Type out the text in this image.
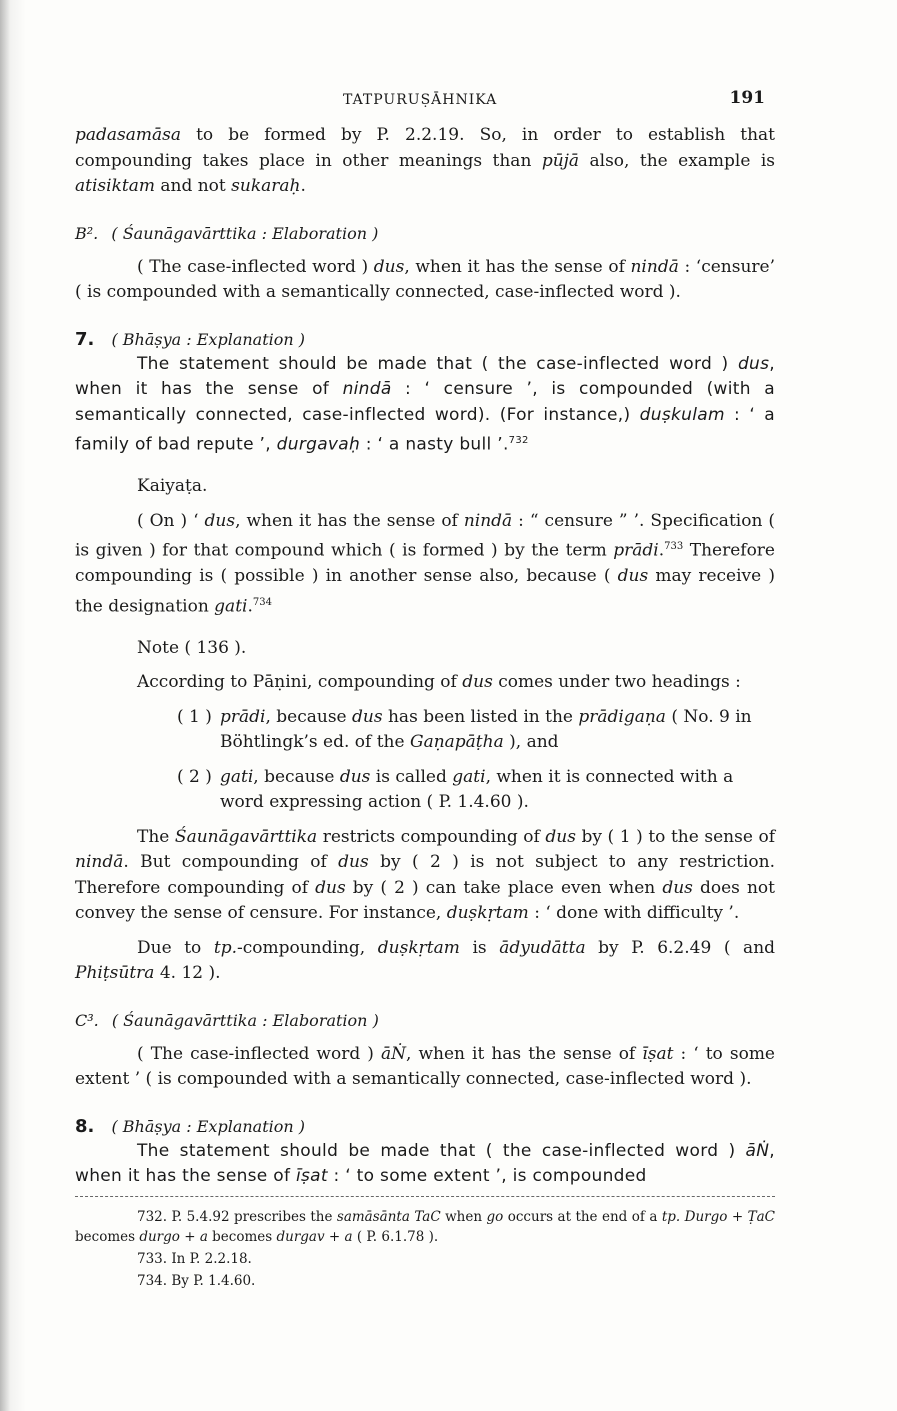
TATPURUṢĀHNIKA	191

padasamāsa to be formed by P. 2.2.19. So, in order to establish that compounding takes place in other meanings than pūjā also, the example is atisiktam and not sukaraḥ.

B². ( Śaunāgavārttika : Elaboration )

( The case-inflected word ) dus, when it has the sense of nindā : ‘censure’ ( is compounded with a semantically connected, case-inflected word ).

7. ( Bhāṣya : Explanation )

The statement should be made that ( the case-inflected word ) dus, when it has the sense of nindā : ‘ censure ’, is compounded (with a semantically connected, case-inflected word). (For instance,) duṣkulam : ‘ a family of bad repute ’, durgavaḥ : ‘ a nasty bull ’.$^{732}$

Kaiyaṭa.

( On ) ‘ dus, when it has the sense of nindā : “ censure ” ’. Specification ( is given ) for that compound which ( is formed ) by the term prādi.$^{733}$ Therefore compounding is ( possible ) in another sense also, because ( dus may receive ) the designation gati.$^{734}$

Note ( 136 ).

According to Pāṇini, compounding of dus comes under two headings :

( 1 ) prādi, because dus has been listed in the prādigaṇa ( No. 9 in Böhtlingk’s ed. of the Gaṇapāṭha ), and
( 2 ) gati, because dus is called gati, when it is connected with a word expressing action ( P. 1.4.60 ).

The Śaunāgavārttika restricts compounding of dus by ( 1 ) to the sense of nindā. But compounding of dus by ( 2 ) is not subject to any restriction. Therefore compounding of dus by ( 2 ) can take place even when dus does not convey the sense of censure. For instance, duṣkṛtam : ‘ done with difficulty ’.

Due to tp.-compounding, duṣkṛtam is ādyudātta by P. 6.2.49 ( and Phiṭsūtra 4. 12 ).

C³. ( Śaunāgavārttika : Elaboration )

( The case-inflected word ) āṄ, when it has the sense of īṣat : ‘ to some extent ’ ( is compounded with a semantically connected, case-inflected word ).

8. ( Bhāṣya : Explanation )

The statement should be made that ( the case-inflected word ) āṄ, when it has the sense of īṣat : ‘ to some extent ’, is compounded

732. P. 5.4.92 prescribes the samāsānta TaC when go occurs at the end of a tp. Durgo + ṬaC becomes durgo + a becomes durgav + a ( P. 6.1.78 ).

733. In P. 2.2.18.

734. By P. 1.4.60.
